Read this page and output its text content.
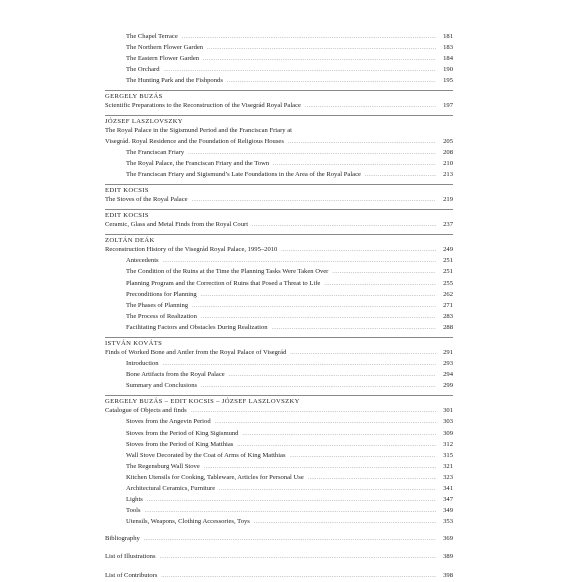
The Chapel Terrace .....	181
The Northern Flower Garden .....	183
The Eastern Flower Garden .....	184
The Orchard .....	190
The Hunting Park and the Fishponds .....	195
GERGELY BUZÁS
Scientific Preparations to the Reconstruction of the Visegrád Royal Palace .....	197
JÓZSEF LASZLOVSZKY
The Royal Palace in the Sigismund Period and the Franciscan Friary at
Visegrád. Royal Residence and the Foundation of Religious Houses .....	205
The Franciscan Friary .....	208
The Royal Palace, the Franciscan Friary and the Town .....	210
The Franciscan Friary and Sigismund’s Late Foundations in the Area of the Royal Palace .....	213
EDIT KOCSIS
The Stoves of the Royal Palace .....	219
EDIT KOCSIS
Ceramic, Glass and Metal Finds from the Royal Court .....	237
ZOLTÁN DEÁK
Reconstruction History of the Visegrád Royal Palace, 1995–2010 .....	249
Antecedents .....	251
The Condition of the Ruins at the Time the Planning Tasks Were Taken Over .....	251
Planning Program and the Correction of Ruins that Posed a Threat to Life .....	255
Preconditions for Planning .....	262
The Phases of Planning .....	271
The Process of Realization .....	283
Facilitating Factors and Obstacles During Realization .....	288
ISTVÁN KOVÁTS
Finds of Worked Bone and Antler from the Royal Palace of Visegrád .....	291
Introduction .....	293
Bone Artifacts from the Royal Palace .....	294
Summary and Conclusions .....	299
GERGELY BUZÁS – EDIT KOCSIS – JÓZSEF LASZLOVSZKY
Catalogue of Objects and finds .....	301
Stoves from the Angevin Period .....	303
Stoves from the Period of King Sigismund .....	309
Stoves from the Period of King Matthias .....	312
Wall Stove Decorated by the Coat of Arms of King Matthias .....	315
The Regensburg Wall Stove .....	321
Kitchen Utensils for Cooking, Tableware, Articles for Personal Use .....	323
Architectural Ceramics, Furniture .....	341
Lights .....	347
Tools .....	349
Utensils, Weapons, Clothing Accessories, Toys .....	353
Bibliography .....	369
List of Illustrations .....	389
List of Contributors .....	398
